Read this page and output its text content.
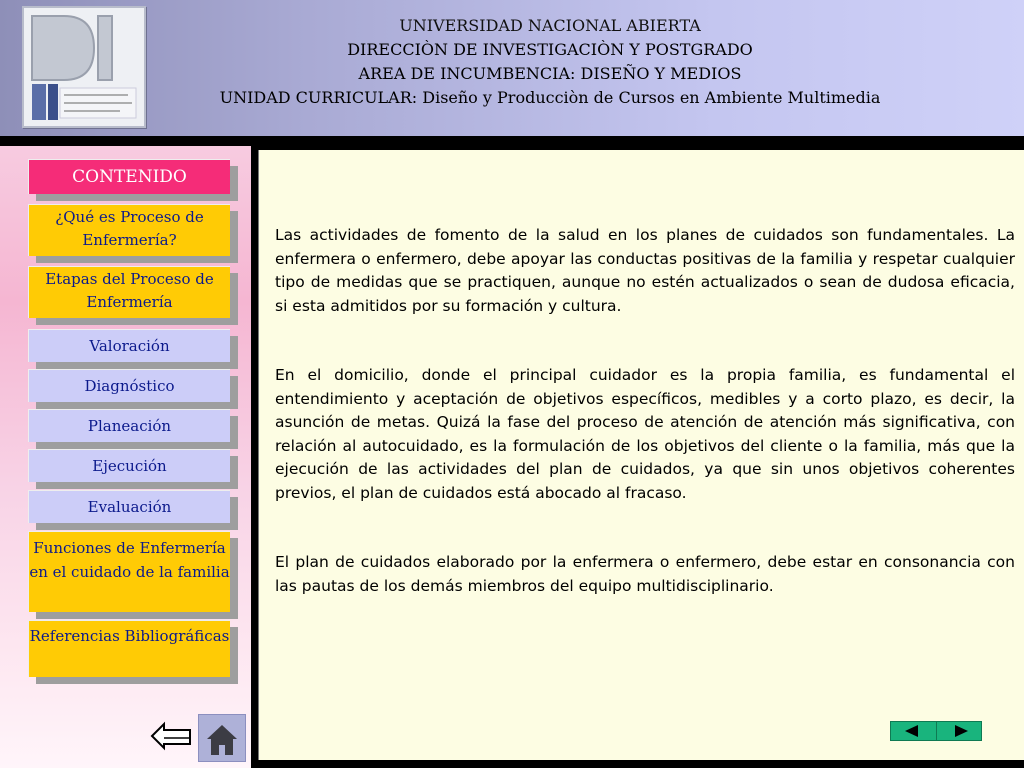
UNIVERSIDAD NACIONAL ABIERTA
DIRECCIÒN DE INVESTIGACIÒN Y POSTGRADO
AREA DE INCUMBENCIA: DISEÑO Y MEDIOS
UNIDAD CURRICULAR: Diseño y Producciòn de Cursos en Ambiente Multimedia
CONTENIDO
¿Qué es Proceso de Enfermería?
Etapas del Proceso de Enfermería
Valoración
Diagnóstico
Planeación
Ejecución
Evaluación
Funciones de Enfermería en el cuidado de la familia
Referencias Bibliográficas

Las actividades de fomento de la salud en los planes de cuidados son fundamentales. La enfermera o enfermero, debe apoyar las conductas positivas de la familia y respetar cualquier tipo de medidas que se practiquen, aunque no estén actualizados o sean de dudosa eficacia, si esta admitidos por su formación y cultura.

En el domicilio, donde el principal cuidador es la propia familia, es fundamental el entendimiento y aceptación de objetivos específicos, medibles y a corto plazo, es decir, la asunción de metas. Quizá la fase del proceso de atención de atención más significativa, con relación al autocuidado, es la formulación de los objetivos del cliente o la familia, más que la ejecución de las actividades del plan de cuidados, ya que sin unos objetivos coherentes previos, el plan de cuidados está abocado al fracaso.

El plan de cuidados elaborado por la enfermera o enfermero, debe estar en consonancia con las pautas de los demás miembros del equipo multidisciplinario.
